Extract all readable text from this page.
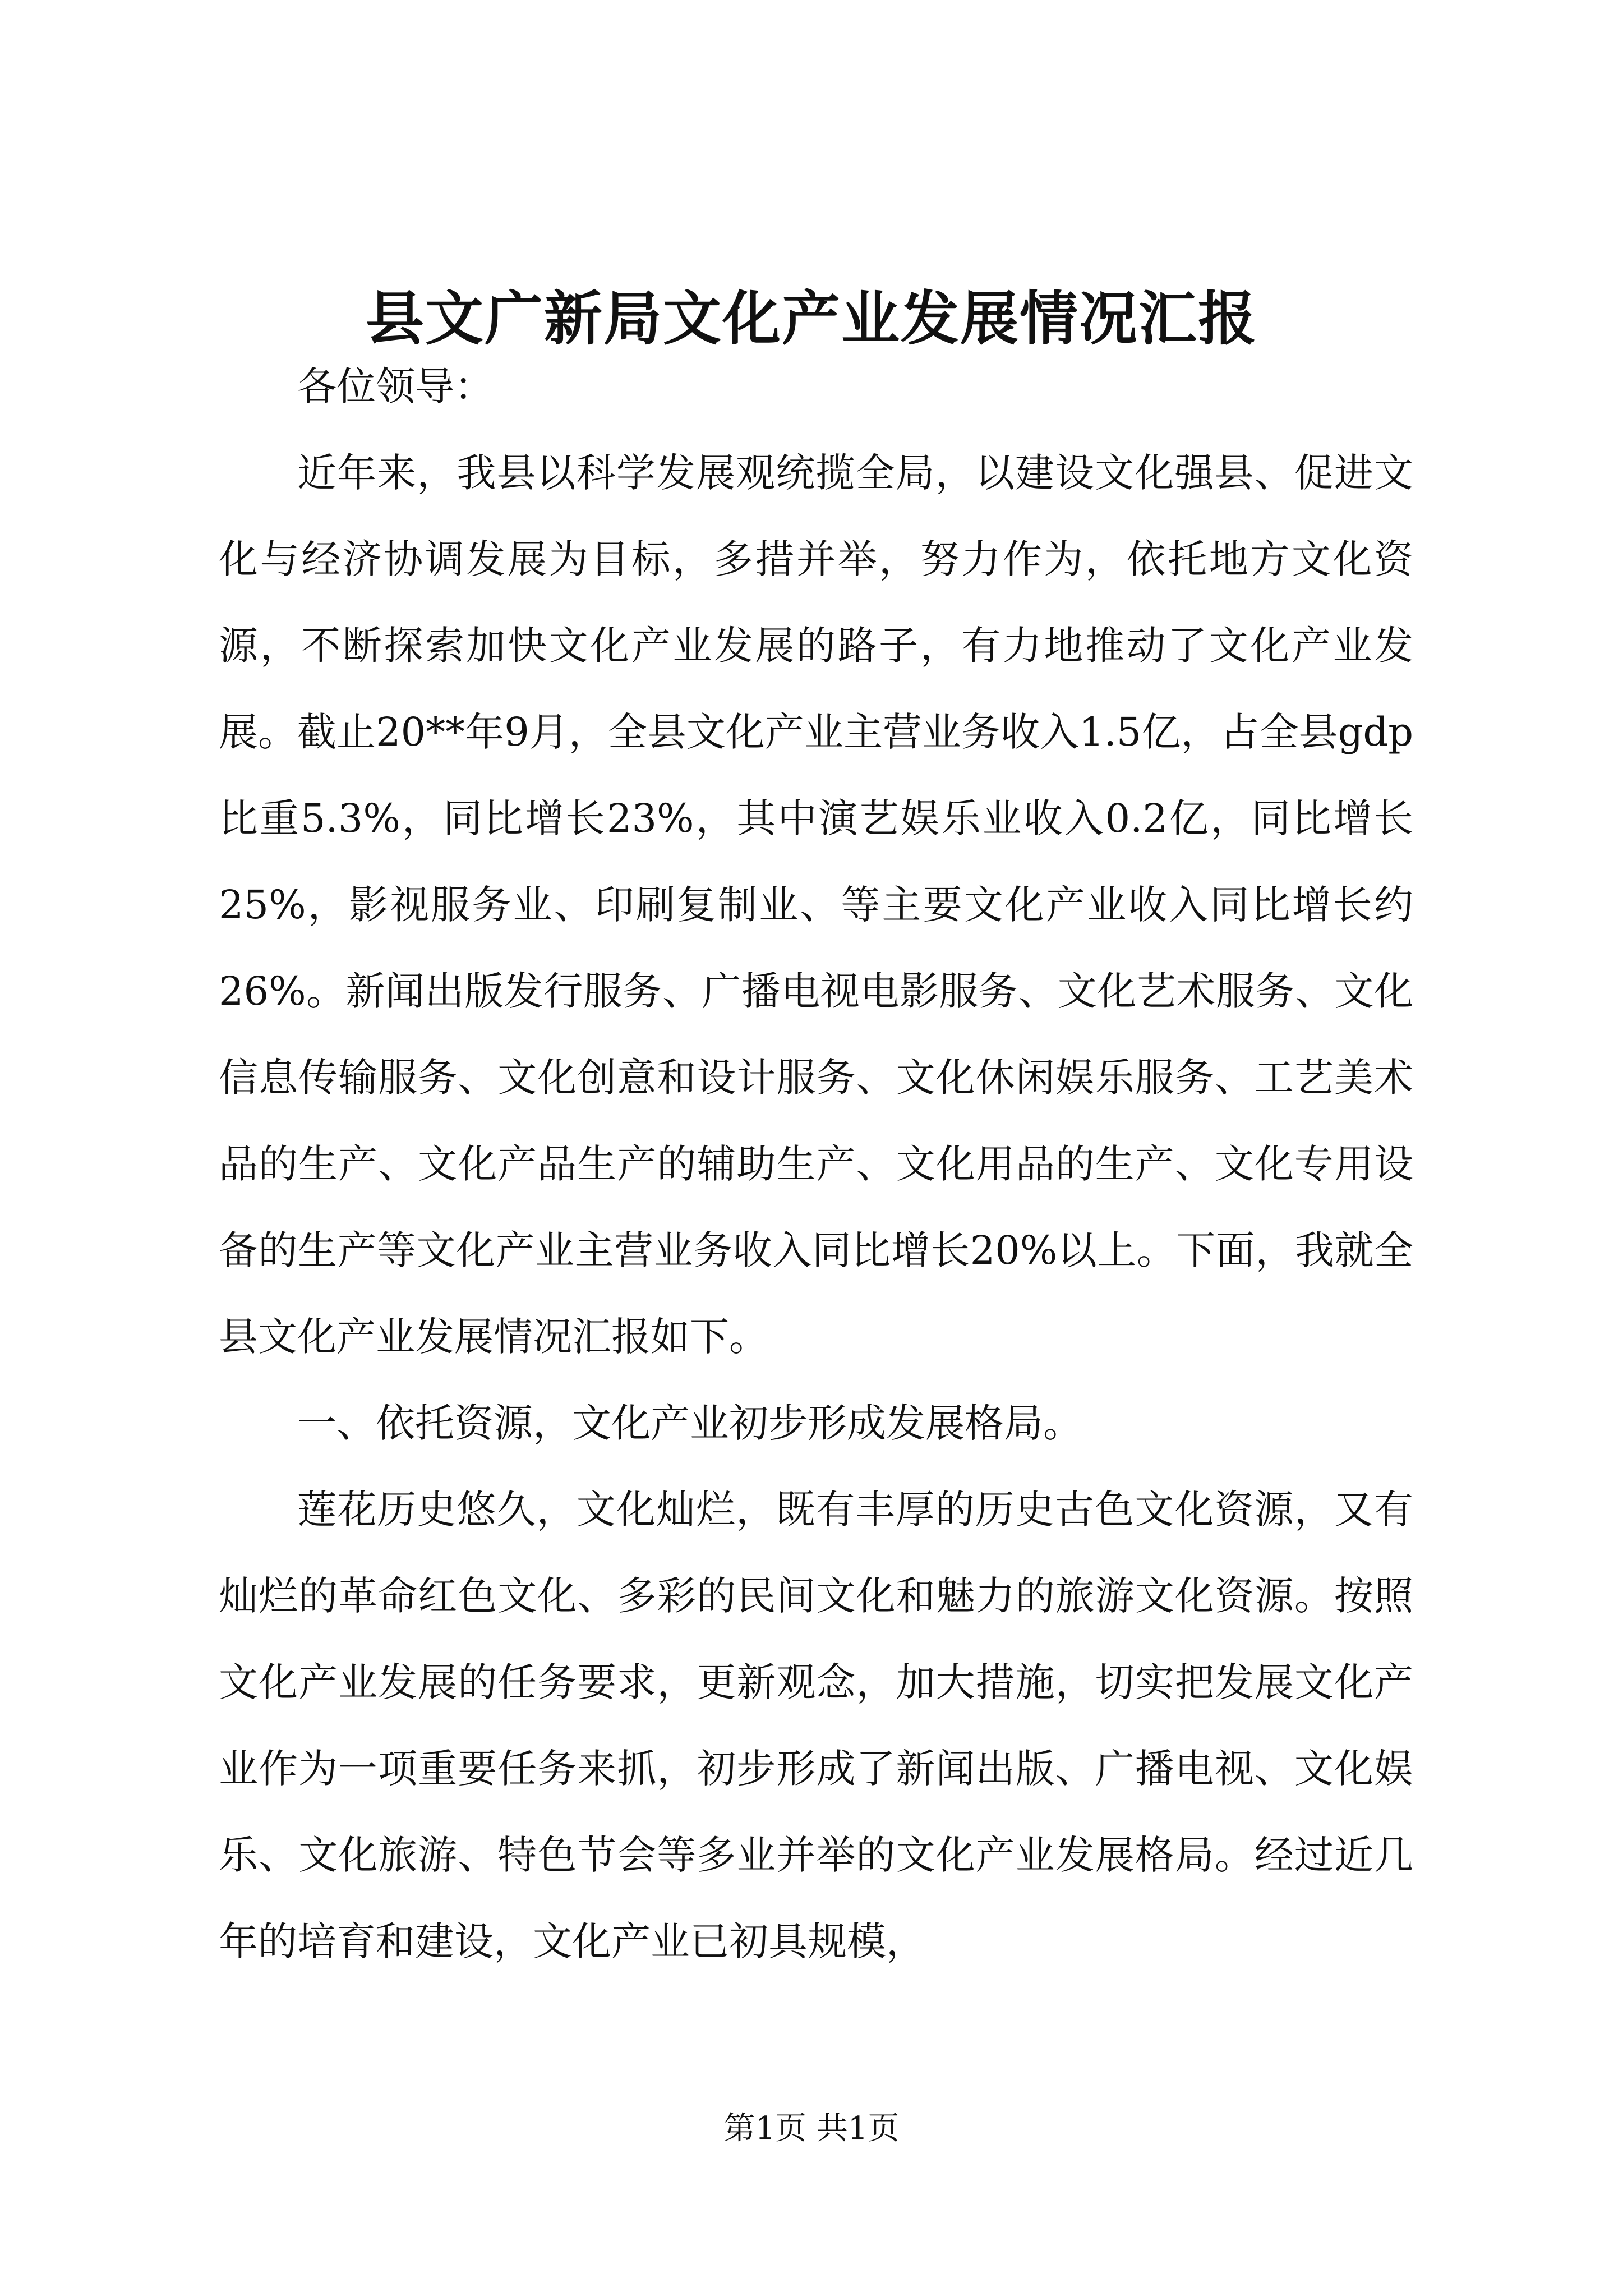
县文广新局文化产业发展情况汇报

各位领导：

近年来，我县以科学发展观统揽全局，以建设文化强县、促进文化与经济协调发展为目标，多措并举，努力作为，依托地方文化资源，不断探索加快文化产业发展的路子，有力地推动了文化产业发展。截止20**年9月，全县文化产业主营业务收入1.5亿，占全县gdp比重5.3%，同比增长23%，其中演艺娱乐业收入0.2亿，同比增长25%，影视服务业、印刷复制业、等主要文化产业收入同比增长约26%。新闻出版发行服务、广播电视电影服务、文化艺术服务、文化信息传输服务、文化创意和设计服务、文化休闲娱乐服务、工艺美术品的生产、文化产品生产的辅助生产、文化用品的生产、文化专用设备的生产等文化产业主营业务收入同比增长20%以上。下面，我就全县文化产业发展情况汇报如下。

一、依托资源，文化产业初步形成发展格局。

莲花历史悠久，文化灿烂，既有丰厚的历史古色文化资源，又有灿烂的革命红色文化、多彩的民间文化和魅力的旅游文化资源。按照文化产业发展的任务要求，更新观念，加大措施，切实把发展文化产业作为一项重要任务来抓，初步形成了新闻出版、广播电视、文化娱乐、文化旅游、特色节会等多业并举的文化产业发展格局。经过近几年的培育和建设，文化产业已初具规模，

第1页 共1页
